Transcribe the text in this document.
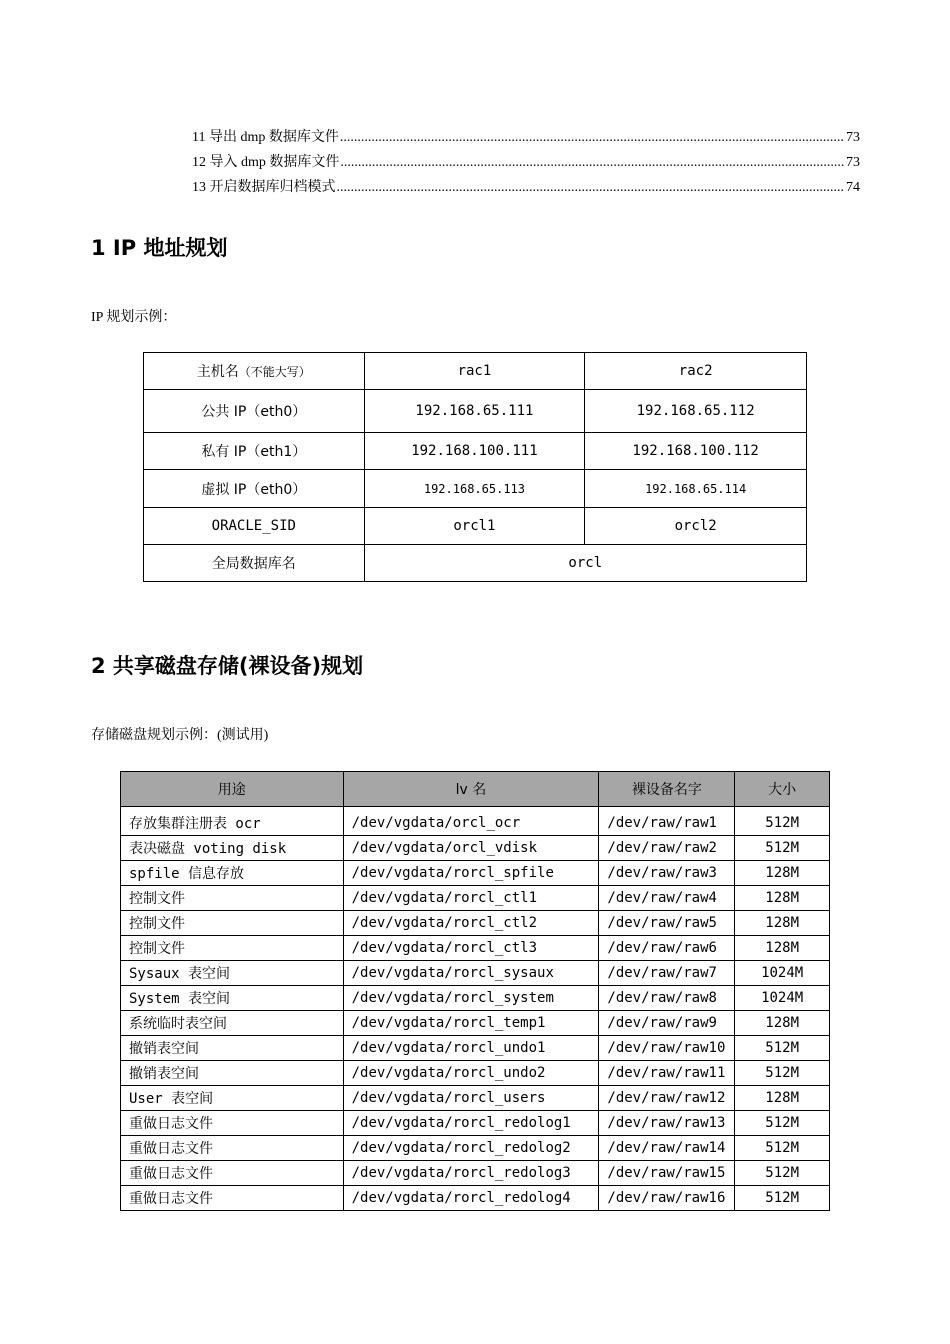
11 导出 dmp 数据库文件 .....	73
12 导入 dmp 数据库文件 .....	73
13 开启数据库归档模式 .....	74
1 IP 地址规划
IP 规划示例：
主机名（不能大写）	rac1	rac2
公共 IP（eth0）	192.168.65.111	192.168.65.112
私有 IP（eth1）	192.168.100.111	192.168.100.112
虚拟 IP（eth0）	192.168.65.113	192.168.65.114
ORACLE_SID	orcl1	orcl2
全局数据库名	orcl	
2 共享磁盘存储(裸设备)规划
存储磁盘规划示例：(测试用)
用途	lv 名	裸设备名字	大小
存放集群注册表 ocr	/dev/vgdata/orcl_ocr	/dev/raw/raw1	512M
表决磁盘 voting disk	/dev/vgdata/orcl_vdisk	/dev/raw/raw2	512M
spfile 信息存放	/dev/vgdata/rorcl_spfile	/dev/raw/raw3	128M
控制文件	/dev/vgdata/rorcl_ctl1	/dev/raw/raw4	128M
控制文件	/dev/vgdata/rorcl_ctl2	/dev/raw/raw5	128M
控制文件	/dev/vgdata/rorcl_ctl3	/dev/raw/raw6	128M
Sysaux 表空间	/dev/vgdata/rorcl_sysaux	/dev/raw/raw7	1024M
System 表空间	/dev/vgdata/rorcl_system	/dev/raw/raw8	1024M
系统临时表空间	/dev/vgdata/rorcl_temp1	/dev/raw/raw9	128M
撤销表空间	/dev/vgdata/rorcl_undo1	/dev/raw/raw10	512M
撤销表空间	/dev/vgdata/rorcl_undo2	/dev/raw/raw11	512M
User 表空间	/dev/vgdata/rorcl_users	/dev/raw/raw12	128M
重做日志文件	/dev/vgdata/rorcl_redolog1	/dev/raw/raw13	512M
重做日志文件	/dev/vgdata/rorcl_redolog2	/dev/raw/raw14	512M
重做日志文件	/dev/vgdata/rorcl_redolog3	/dev/raw/raw15	512M
重做日志文件	/dev/vgdata/rorcl_redolog4	/dev/raw/raw16	512M
